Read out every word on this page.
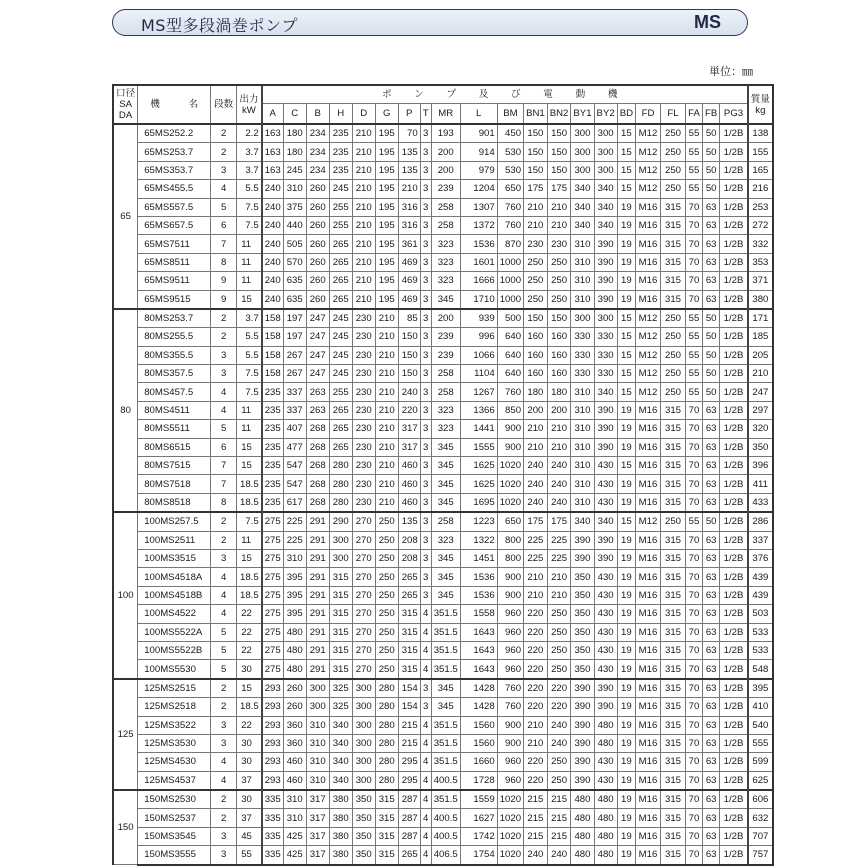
MS型多段渦巻ポンプ	MS
単位：㎜
口径
SA
DA	機　　　名	段数	出力
kW	ポ ン プ 及 び 電 動 機																					質量
kg
				A	C	B	H	D	G	P	T	MR	L	BM	BN1	BN2	BY1	BY2	BD	FD	FL	FA	FB	PG3	
65	65MS252.2	2	2.2	163	180	234	235	210	195	70	3	193	901	450	150	150	300	300	15	M12	250	55	50	1/2B	138
	65MS253.7	2	3.7	163	180	234	235	210	195	135	3	200	914	530	150	150	300	300	15	M12	250	55	50	1/2B	155
	65MS353.7	3	3.7	163	245	234	235	210	195	135	3	200	979	530	150	150	300	300	15	M12	250	55	50	1/2B	165
	65MS455.5	4	5.5	240	310	260	245	210	195	210	3	239	1204	650	175	175	340	340	15	M12	250	55	50	1/2B	216
	65MS557.5	5	7.5	240	375	260	255	210	195	316	3	258	1307	760	210	210	340	340	19	M16	315	70	63	1/2B	253
	65MS657.5	6	7.5	240	440	260	255	210	195	316	3	258	1372	760	210	210	340	340	19	M16	315	70	63	1/2B	272
	65MS7511	7	11	240	505	260	265	210	195	361	3	323	1536	870	230	230	310	390	19	M16	315	70	63	1/2B	332
	65MS8511	8	11	240	570	260	265	210	195	469	3	323	1601	1000	250	250	310	390	19	M16	315	70	63	1/2B	353
	65MS9511	9	11	240	635	260	265	210	195	469	3	323	1666	1000	250	250	310	390	19	M16	315	70	63	1/2B	371
	65MS9515	9	15	240	635	260	265	210	195	469	3	345	1710	1000	250	250	310	390	19	M16	315	70	63	1/2B	380
80	80MS253.7	2	3.7	158	197	247	245	230	210	85	3	200	939	500	150	150	300	300	15	M12	250	55	50	1/2B	171
	80MS255.5	2	5.5	158	197	247	245	230	210	150	3	239	996	640	160	160	330	330	15	M12	250	55	50	1/2B	185
	80MS355.5	3	5.5	158	267	247	245	230	210	150	3	239	1066	640	160	160	330	330	15	M12	250	55	50	1/2B	205
	80MS357.5	3	7.5	158	267	247	245	230	210	150	3	258	1104	640	160	160	330	330	15	M12	250	55	50	1/2B	210
	80MS457.5	4	7.5	235	337	263	255	230	210	240	3	258	1267	760	180	180	310	340	15	M12	250	55	50	1/2B	247
	80MS4511	4	11	235	337	263	265	230	210	220	3	323	1366	850	200	200	310	390	19	M16	315	70	63	1/2B	297
	80MS5511	5	11	235	407	268	265	230	210	317	3	323	1441	900	210	210	310	390	19	M16	315	70	63	1/2B	320
	80MS6515	6	15	235	477	268	265	230	210	317	3	345	1555	900	210	210	310	390	19	M16	315	70	63	1/2B	350
	80MS7515	7	15	235	547	268	280	230	210	460	3	345	1625	1020	240	240	310	430	15	M16	315	70	63	1/2B	396
	80MS7518	7	18.5	235	547	268	280	230	210	460	3	345	1625	1020	240	240	310	430	19	M16	315	70	63	1/2B	411
	80MS8518	8	18.5	235	617	268	280	230	210	460	3	345	1695	1020	240	240	310	430	19	M16	315	70	63	1/2B	433
100	100MS257.5	2	7.5	275	225	291	290	270	250	135	3	258	1223	650	175	175	340	340	15	M12	250	55	50	1/2B	286
	100MS2511	2	11	275	225	291	300	270	250	208	3	323	1322	800	225	225	390	390	19	M16	315	70	63	1/2B	337
	100MS3515	3	15	275	310	291	300	270	250	208	3	345	1451	800	225	225	390	390	19	M16	315	70	63	1/2B	376
	100MS4518A	4	18.5	275	395	291	315	270	250	265	3	345	1536	900	210	210	350	430	19	M16	315	70	63	1/2B	439
	100MS4518B	4	18.5	275	395	291	315	270	250	265	3	345	1536	900	210	210	350	430	19	M16	315	70	63	1/2B	439
	100MS4522	4	22	275	395	291	315	270	250	315	4	351.5	1558	960	220	250	350	430	19	M16	315	70	63	1/2B	503
	100MS5522A	5	22	275	480	291	315	270	250	315	4	351.5	1643	960	220	250	350	430	19	M16	315	70	63	1/2B	533
	100MS5522B	5	22	275	480	291	315	270	250	315	4	351.5	1643	960	220	250	350	430	19	M16	315	70	63	1/2B	533
	100MS5530	5	30	275	480	291	315	270	250	315	4	351.5	1643	960	220	250	350	430	19	M16	315	70	63	1/2B	548
125	125MS2515	2	15	293	260	300	325	300	280	154	3	345	1428	760	220	220	390	390	19	M16	315	70	63	1/2B	395
	125MS2518	2	18.5	293	260	300	325	300	280	154	3	345	1428	760	220	220	390	390	19	M16	315	70	63	1/2B	410
	125MS3522	3	22	293	360	310	340	300	280	215	4	351.5	1560	900	210	240	390	480	19	M16	315	70	63	1/2B	540
	125MS3530	3	30	293	360	310	340	300	280	215	4	351.5	1560	900	210	240	390	480	19	M16	315	70	63	1/2B	555
	125MS4530	4	30	293	460	310	340	300	280	295	4	351.5	1660	960	220	250	390	430	19	M16	315	70	63	1/2B	599
	125MS4537	4	37	293	460	310	340	300	280	295	4	400.5	1728	960	220	250	390	430	19	M16	315	70	63	1/2B	625
150	150MS2530	2	30	335	310	317	380	350	315	287	4	351.5	1559	1020	215	215	480	480	19	M16	315	70	63	1/2B	606
	150MS2537	2	37	335	310	317	380	350	315	287	4	400.5	1627	1020	215	215	480	480	19	M16	315	70	63	1/2B	632
	150MS3545	3	45	335	425	317	380	350	315	287	4	400.5	1742	1020	215	215	480	480	19	M16	315	70	63	1/2B	707
	150MS3555	3	55	335	425	317	380	350	315	265	4	406.5	1754	1020	240	240	480	480	19	M16	315	70	63	1/2B	757
